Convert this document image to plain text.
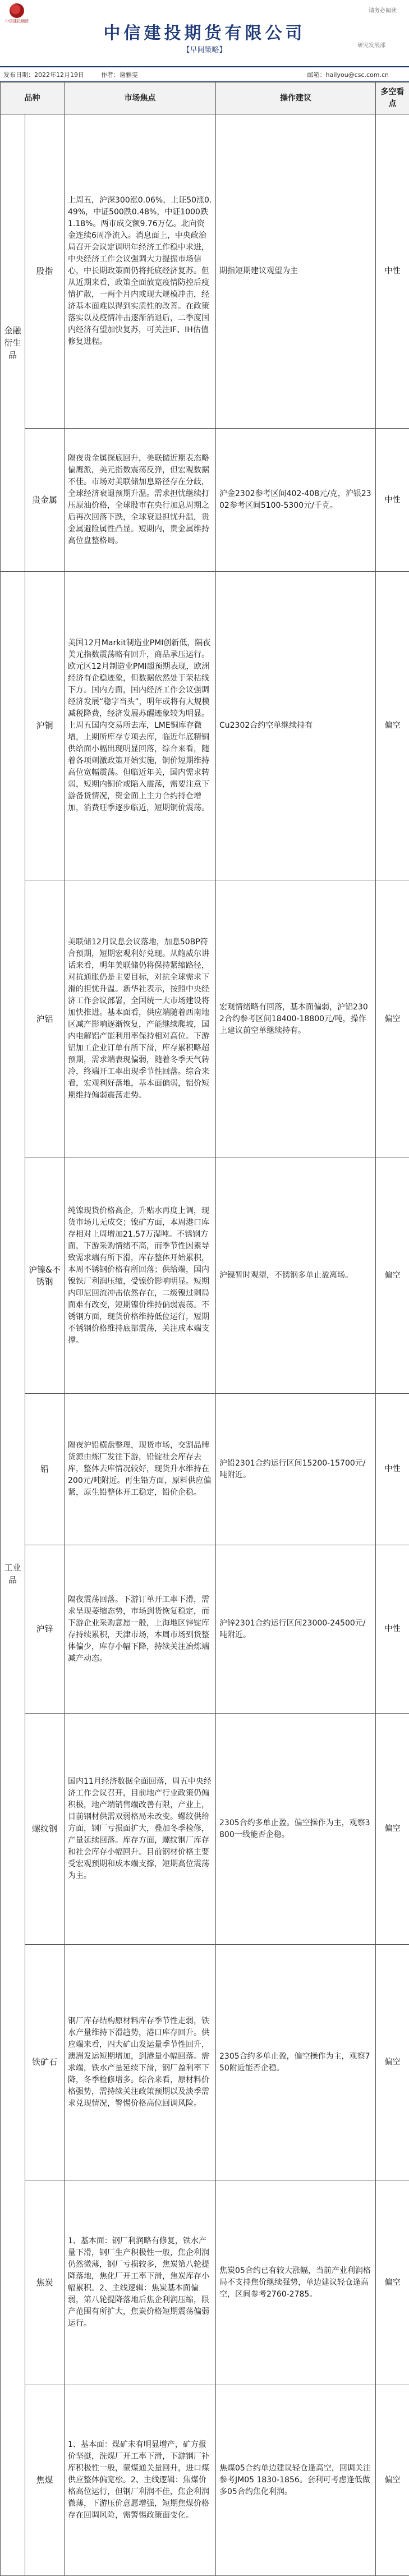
中信建投期货
请务必阅读
中信建投期货有限公司
【早间策略】
研究发展部
发布日期：2022年12月19日	作者：谢雅雯	邮箱：hailyou@csc.com.cn
品种		市场焦点	操作建议	多空看点
金融衍生品	股指	上周五，沪深300涨0.06%，上证50涨0.49%，中证500跌0.48%，中证1000跌1.18%。两市成交额9.76万亿。北向资金连续6周净流入。消息面上，中央政治局召开会议定调明年经济工作稳中求进，中央经济工作会议强调大力提振市场信心，中长期政策面仍将托底经济复苏。但从近期来看，政策全面放宽疫情防控后疫情扩散，一两个月内或现大规模冲击，经济基本面难以得到实质性的改善。在政策落实以及疫情冲击逐渐消退后，二季度国内经济有望加快复苏，可关注IF、IH估值修复进程。	期指短期建议观望为主	中性
	贵金属	隔夜贵金属探底回升，美联储近期表态略偏鹰派，美元指数震荡反弹，但宏观数据不佳。市场对美联储加息路径存在分歧，全球经济衰退预期升温。需求担忧继续打压原油价格，全球股市在央行加息周期之后再次回落下跌，全球衰退担忧升温，贵金属避险属性凸显。短期内，贵金属维持高位盘整格局。	沪金2302参考区间402-408元/克，沪银2302参考区间5100-5300元/千克。	中性
工业品	沪铜	美国12月Markit制造业PMI创新低，隔夜美元指数震荡略有回升，商品承压运行。欧元区12月制造业PMI超预期表现，欧洲经济有企稳迹象，但数据依然处于荣枯线下方。国内方面，国内经济工作会议强调经济发展“稳字当头”，明年或将有大规模减税降费，经济发展苏醒迹象较为明显。上周五国内交易所去库，LME铜库存微增，上期所库存专项去库，临近年底精铜供给面小幅出现明显回落，综合来看，随着各项刺激政策开始实施，铜价短期维持高位宽幅震荡。但临近年关，国内需求转弱，短期内铜价或陷入震荡，需要注意下游备货情况，资金面上主力合约持仓增加，消费旺季逐步临近，短期铜价震荡。	Cu2302合约空单继续持有	偏空
	沪铝	美联储12月议息会议落地，加息50BP符合预期，短期宏观利好兑现。从鲍威尔讲话来看，明年美联储仍将保持紧缩路径，对抗通胀仍是主要目标，对抗全球需求下滑的担忧升温。新华社表示，按照中央经济工作会议部署，全国统一大市场建设将加快推进。基本面看，供应端随着西南地区减产影响逐渐恢复，产能继续爬坡，国内电解铝产能利用率保持相对高位。下游铝加工企业订单有所下滑，库存累积略超预期，需求端表现偏弱，随着冬季天气转冷，终端开工率出现季节性回落。综合来看，宏观利好落地，基本面偏弱，铝价短期维持偏弱震荡走势。	宏观情绪略有回落，基本面偏弱，沪铝2302合约参考区间18400-18800元/吨，操作上建议前空单继续持有。	偏空
	沪镍&不锈钢	纯镍现货价格高企，升贴水再度上调，现货市场几无成交；镍矿方面，本周港口库存相对上周增加21.57万湿吨。不锈钢方面，下游采购情绪不高，而季节性因素导致需求端有所下滑，库存整体开始累积，本周不锈钢价格有所回落；供给端，国内镍铁厂利润压缩，受镍价影响明显。短期内印尼回流冲击依然存在，二级镍过剩局面难有改变，短期镍价维持偏弱震荡。不锈钢方面，现货价格维持低位运行，短期不锈钢价格维持底部震荡，关注成本端支撑。	沪镍暂时观望，不锈钢多单止盈离场。	偏空
	铅	隔夜沪铅横盘整理，现货市场，交割品牌货源由炼厂发往下游，铅锭社会库存去库，整体去库情况较好，现货升水维持在200元/吨附近。再生铅方面，原料供应偏紧，原生铅整体开工稳定，铅价企稳。	沪铅2301合约运行区间15200-15700元/吨附近。	中性
	沪锌	隔夜震荡回落。下游订单开工率下滑，需求呈现萎缩态势，市场到货恢复稳定，而下游企业采购意愿一般，上海地区锌锭库存持续累积，天津市场，本周市场到货整体偏少，库存小幅下降，持续关注冶炼端减产动态。	沪锌2301合约运行区间23000-24500元/吨附近。	中性
	螺纹钢	国内11月经济数据全面回落，周五中央经济工作会议召开，目前地产行业政策仍偏积极，地产端销售端改善有限，产业上，目前钢材供需双弱格局未改变。螺纹供给方面，钢厂亏损面扩大，叠加冬季检修，产量延续回落。库存方面，螺纹钢厂库存和社会库存小幅回升。目前钢材价格主要受宏观预期和成本端支撑，短期高位震荡为主。	2305合约多单止盈。偏空操作为主，观察3800一线能否企稳。	偏空
	铁矿石	钢厂库存结构原材料库存季节性走弱，铁水产量维持下滑趋势，港口库存回升。供应端来看，四大矿山发运量季节性回升，澳洲发运短期增加，到港量小幅回落。需求端，铁水产量延续下滑，钢厂盈利率下降，冬季检修增多。综合来看，原材料价格强势，需持续关注政策预期以及淡季需求兑现情况，警惕价格高位回调风险。	2305合约多单止盈，偏空操作为主，观察750附近能否企稳。	偏空
	焦炭	1、基本面：钢厂利润略有修复，铁水产量下滑，钢厂生产积极性一般，焦企利润仍然微薄，钢厂亏损较多，焦炭第八轮提降落地，焦化厂开工率下滑，焦炭库存小幅累积。2、主线逻辑：焦炭基本面偏弱，第八轮提降落地后焦企利润压缩，限产范围有所扩大，焦炭价格短期震荡偏弱运行。	焦炭05合约已有较大涨幅，当前产业利润格局不支持焦价继续强势，单边建议轻仓逢高空，区间参考2760-2785。	偏空
	焦煤	1、基本面：煤矿未有明显增产，矿方报价坚挺，洗煤厂开工率下滑，下游钢厂补库积极性一般，蒙煤通关量回升，进口煤供应整体偏宽松。2、主线逻辑：焦煤价格高位运行，但钢厂利润不佳，焦企利润微薄，下游压价意愿增强，短期焦煤价格存在回调风险，需警惕政策面变化。	焦煤05合约单边建议轻仓逢高空，回调关注参考JM05 1830-1856。套利可考虑逢低做多05合约焦化利润。	偏空
